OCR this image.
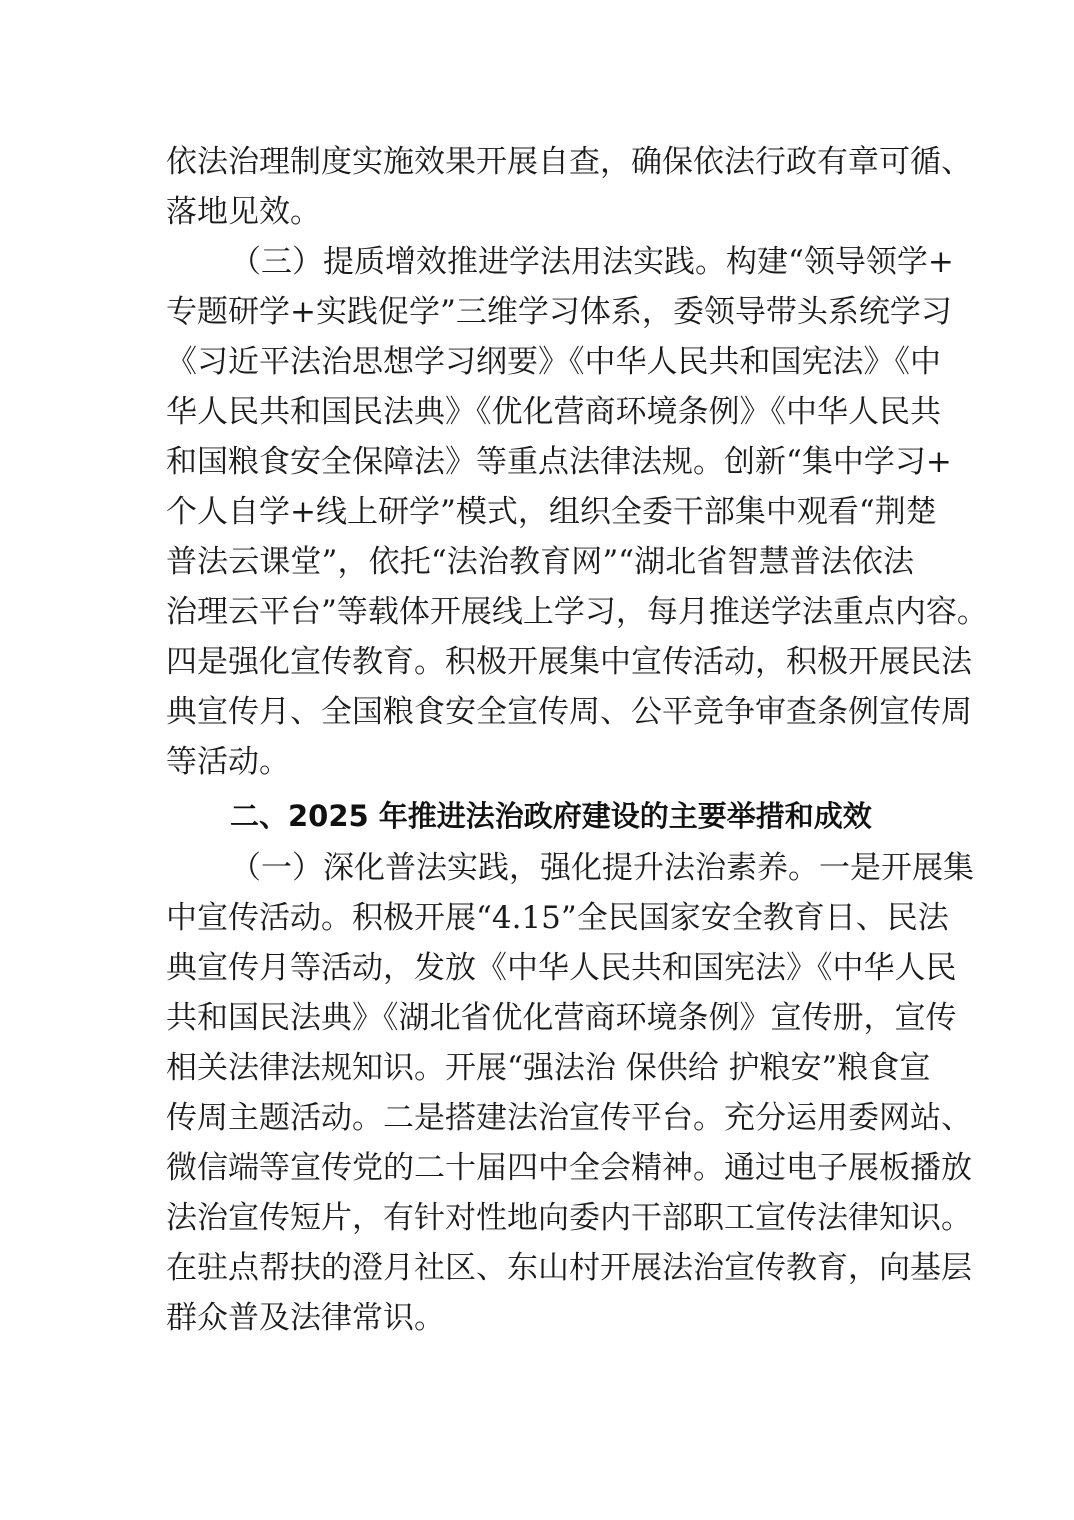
依法治理制度实施效果开展自查，确保依法行政有章可循、
落地见效。
（三）提质增效推进学法用法实践。构建“领导领学+
专题研学+实践促学”三维学习体系，委领导带头系统学习
《习近平法治思想学习纲要》《中华人民共和国宪法》《中
华人民共和国民法典》《优化营商环境条例》《中华人民共
和国粮食安全保障法》等重点法律法规。创新“集中学习+
个人自学+线上研学”模式，组织全委干部集中观看“荆楚
普法云课堂”，依托“法治教育网”“湖北省智慧普法依法
治理云平台”等载体开展线上学习，每月推送学法重点内容。
四是强化宣传教育。积极开展集中宣传活动，积极开展民法
典宣传月、全国粮食安全宣传周、公平竞争审查条例宣传周
等活动。
二、2025 年推进法治政府建设的主要举措和成效
（一）深化普法实践，强化提升法治素养。一是开展集
中宣传活动。积极开展“4.15”全民国家安全教育日、民法
典宣传月等活动，发放《中华人民共和国宪法》《中华人民
共和国民法典》《湖北省优化营商环境条例》宣传册，宣传
相关法律法规知识。开展“强法治 保供给 护粮安”粮食宣
传周主题活动。二是搭建法治宣传平台。充分运用委网站、
微信端等宣传党的二十届四中全会精神。通过电子展板播放
法治宣传短片，有针对性地向委内干部职工宣传法律知识。
在驻点帮扶的澄月社区、东山村开展法治宣传教育，向基层
群众普及法律常识。
